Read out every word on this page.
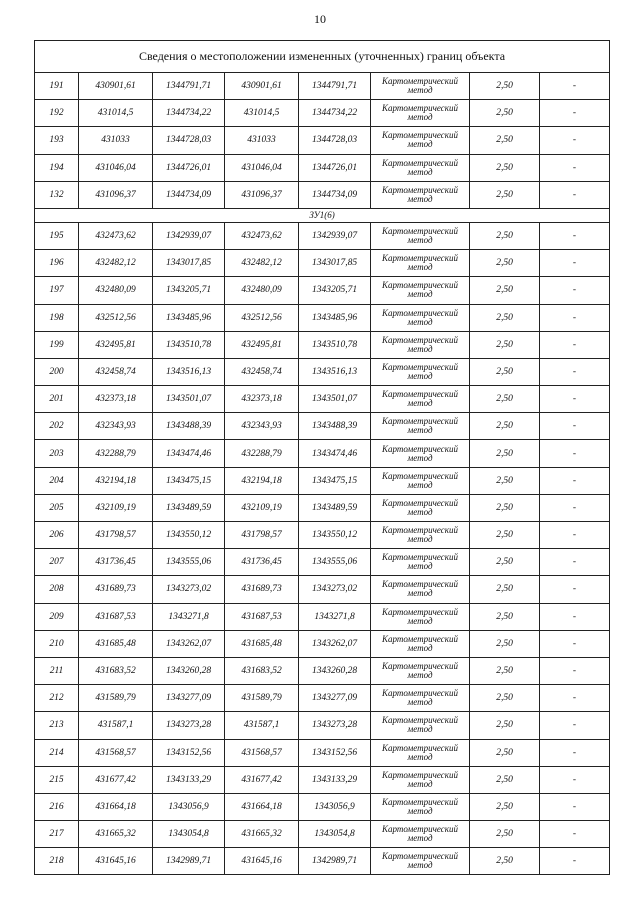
10
Сведения о местоположении измененных (уточненных) границ объекта							
191	430901,61	1344791,71	430901,61	1344791,71	Картометрический метод	2,50	-
192	431014,5	1344734,22	431014,5	1344734,22	Картометрический метод	2,50	-
193	431033	1344728,03	431033	1344728,03	Картометрический метод	2,50	-
194	431046,04	1344726,01	431046,04	1344726,01	Картометрический метод	2,50	-
132	431096,37	1344734,09	431096,37	1344734,09	Картометрический метод	2,50	-
ЗУ1(6)							
195	432473,62	1342939,07	432473,62	1342939,07	Картометрический метод	2,50	-
196	432482,12	1343017,85	432482,12	1343017,85	Картометрический метод	2,50	-
197	432480,09	1343205,71	432480,09	1343205,71	Картометрический метод	2,50	-
198	432512,56	1343485,96	432512,56	1343485,96	Картометрический метод	2,50	-
199	432495,81	1343510,78	432495,81	1343510,78	Картометрический метод	2,50	-
200	432458,74	1343516,13	432458,74	1343516,13	Картометрический метод	2,50	-
201	432373,18	1343501,07	432373,18	1343501,07	Картометрический метод	2,50	-
202	432343,93	1343488,39	432343,93	1343488,39	Картометрический метод	2,50	-
203	432288,79	1343474,46	432288,79	1343474,46	Картометрический метод	2,50	-
204	432194,18	1343475,15	432194,18	1343475,15	Картометрический метод	2,50	-
205	432109,19	1343489,59	432109,19	1343489,59	Картометрический метод	2,50	-
206	431798,57	1343550,12	431798,57	1343550,12	Картометрический метод	2,50	-
207	431736,45	1343555,06	431736,45	1343555,06	Картометрический метод	2,50	-
208	431689,73	1343273,02	431689,73	1343273,02	Картометрический метод	2,50	-
209	431687,53	1343271,8	431687,53	1343271,8	Картометрический метод	2,50	-
210	431685,48	1343262,07	431685,48	1343262,07	Картометрический метод	2,50	-
211	431683,52	1343260,28	431683,52	1343260,28	Картометрический метод	2,50	-
212	431589,79	1343277,09	431589,79	1343277,09	Картометрический метод	2,50	-
213	431587,1	1343273,28	431587,1	1343273,28	Картометрический метод	2,50	-
214	431568,57	1343152,56	431568,57	1343152,56	Картометрический метод	2,50	-
215	431677,42	1343133,29	431677,42	1343133,29	Картометрический метод	2,50	-
216	431664,18	1343056,9	431664,18	1343056,9	Картометрический метод	2,50	-
217	431665,32	1343054,8	431665,32	1343054,8	Картометрический метод	2,50	-
218	431645,16	1342989,71	431645,16	1342989,71	Картометрический метод	2,50	-
